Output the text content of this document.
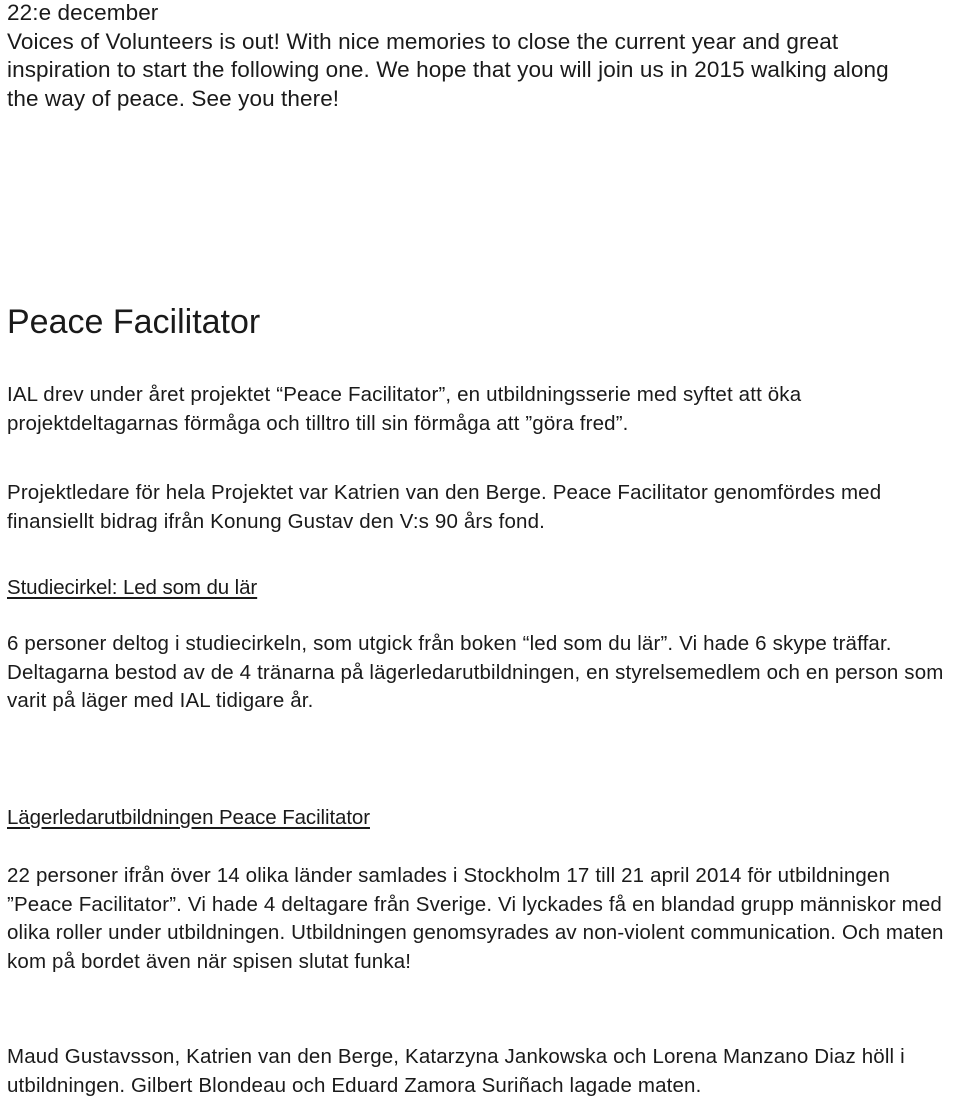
22:e december
Voices of Volunteers is out! With nice memories to close the current year and great
inspiration to start the following one. We hope that you will join us in 2015 walking along
the way of peace. See you there!
Peace Facilitator

IAL drev under året projektet “Peace Facilitator”, en utbildningsserie med syftet att öka projektdeltagarnas förmåga och tilltro till sin förmåga att ”göra fred”.

Projektledare för hela Projektet var Katrien van den Berge. Peace Facilitator genomfördes med finansiellt bidrag ifrån Konung Gustav den V:s 90 års fond.

Studiecirkel: Led som du lär

6 personer deltog i studiecirkeln, som utgick från boken “led som du lär”. Vi hade 6 skype träffar. Deltagarna bestod av de 4 tränarna på lägerledarutbildningen, en styrelsemedlem och en person som varit på läger med IAL tidigare år.

Lägerledarutbildningen Peace Facilitator

22 personer ifrån över 14 olika länder samlades i Stockholm 17 till 21 april 2014 för utbildningen ”Peace Facilitator”. Vi hade 4 deltagare från Sverige. Vi lyckades få en blandad grupp människor med olika roller under utbildningen. Utbildningen genomsyrades av non-violent communication. Och maten kom på bordet även när spisen slutat funka!

Maud Gustavsson, Katrien van den Berge, Katarzyna Jankowska och Lorena Manzano Diaz höll i utbildningen. Gilbert Blondeau och Eduard Zamora Suriñach lagade maten.
